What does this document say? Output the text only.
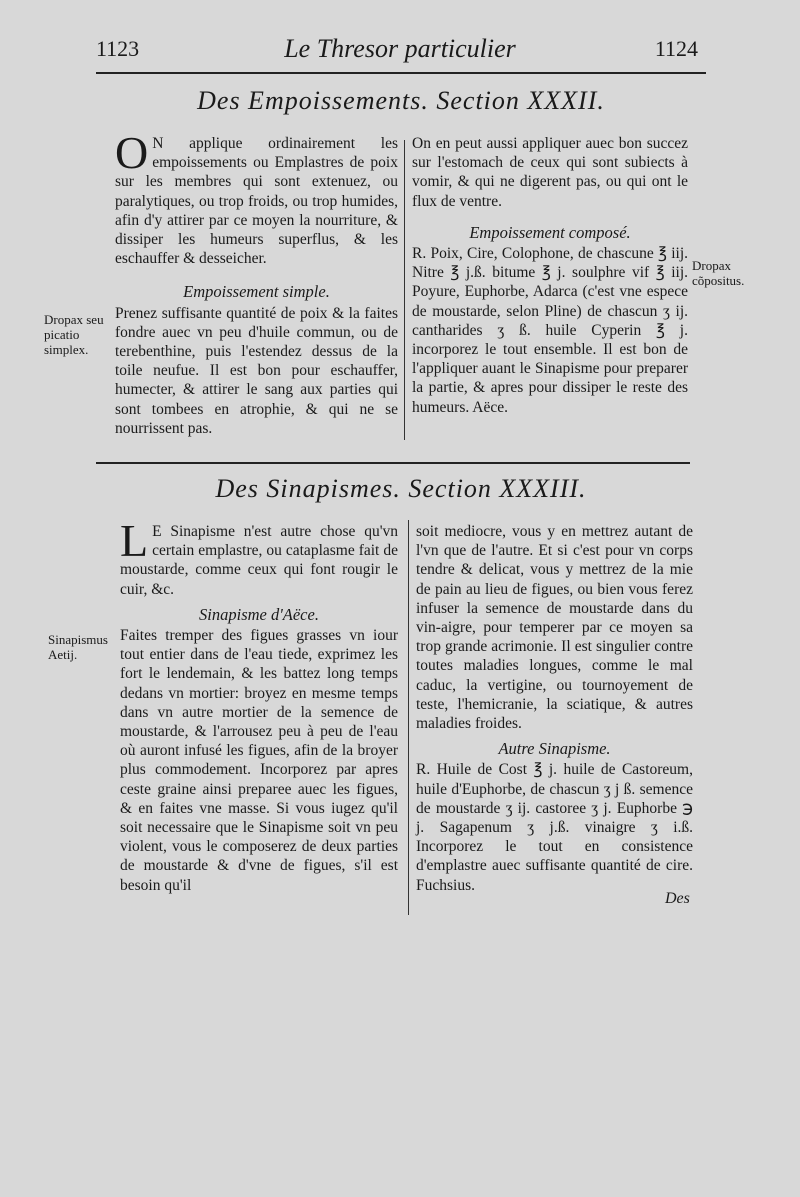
1123	Le Thresor particulier	1124
Des Empoissements. Section XXXII.

O N applique ordinairement les empoissements ou Emplastres de poix sur les membres qui sont extenuez, ou paralytiques, ou trop froids, ou trop humides, afin d'y attirer par ce moyen la nourriture, & dissiper les humeurs superflus, & les eschauffer & desseicher.

Empoissement simple.

Prenez suffisante quantité de poix & la faites fondre auec vn peu d'huile commun, ou de terebenthine, puis l'estendez dessus de la toile neufue. Il est bon pour eschauffer, humecter, & attirer le sang aux parties qui sont tombees en atrophie, & qui ne se nourrissent pas.

On en peut aussi appliquer auec bon succez sur l'estomach de ceux qui sont subiects à vomir, & qui ne digerent pas, ou qui ont le flux de ventre.

Empoissement composé.

R. Poix, Cire, Colophone, de chascune ℥ iij. Nitre ℥ j.ß. bitume ℥ j. soulphre vif ℥ iij. Poyure, Euphorbe, Adarca (c'est vne espece de moustarde, selon Pline) de chascun ʒ ij. cantharides ʒ ß. huile Cyperin ℥ j. incorporez le tout ensemble. Il est bon de l'appliquer auant le Sinapisme pour preparer la partie, & apres pour dissiper le reste des humeurs. Aëce.

Dropax seu picatio simplex.
Dropax cõpositus.
Des Sinapismes. Section XXXIII.

L E Sinapisme n'est autre chose qu'vn certain emplastre, ou cataplasme fait de moustarde, comme ceux qui font rougir le cuir, &c.

Sinapisme d'Aëce.

Faites tremper des figues grasses vn iour tout entier dans de l'eau tiede, exprimez les fort le lendemain, & les battez long temps dedans vn mortier: broyez en mesme temps dans vn autre mortier de la semence de moustarde, & l'arrousez peu à peu de l'eau où auront infusé les figues, afin de la broyer plus commodement. Incorporez par apres ceste graine ainsi preparee auec les figues, & en faites vne masse. Si vous iugez qu'il soit necessaire que le Sinapisme soit vn peu violent, vous le composerez de deux parties de moustarde & d'vne de figues, s'il est besoin qu'il

soit mediocre, vous y en mettrez autant de l'vn que de l'autre. Et si c'est pour vn corps tendre & delicat, vous y mettrez de la mie de pain au lieu de figues, ou bien vous ferez infuser la semence de moustarde dans du vin-aigre, pour temperer par ce moyen sa trop grande acrimonie. Il est singulier contre toutes maladies longues, comme le mal caduc, la vertigine, ou tournoyement de teste, l'hemicranie, la sciatique, & autres maladies froides.

Autre Sinapisme.

R. Huile de Cost ℥ j. huile de Castoreum, huile d'Euphorbe, de chascun ʒ j ß. semence de moustarde ʒ ij. castoree ʒ j. Euphorbe ℈ j. Sagapenum ʒ j.ß. vinaigre ʒ i.ß. Incorporez le tout en consistence d'emplastre auec suffisante quantité de cire. Fuchsius.

Sinapismus Aetij.
Des
